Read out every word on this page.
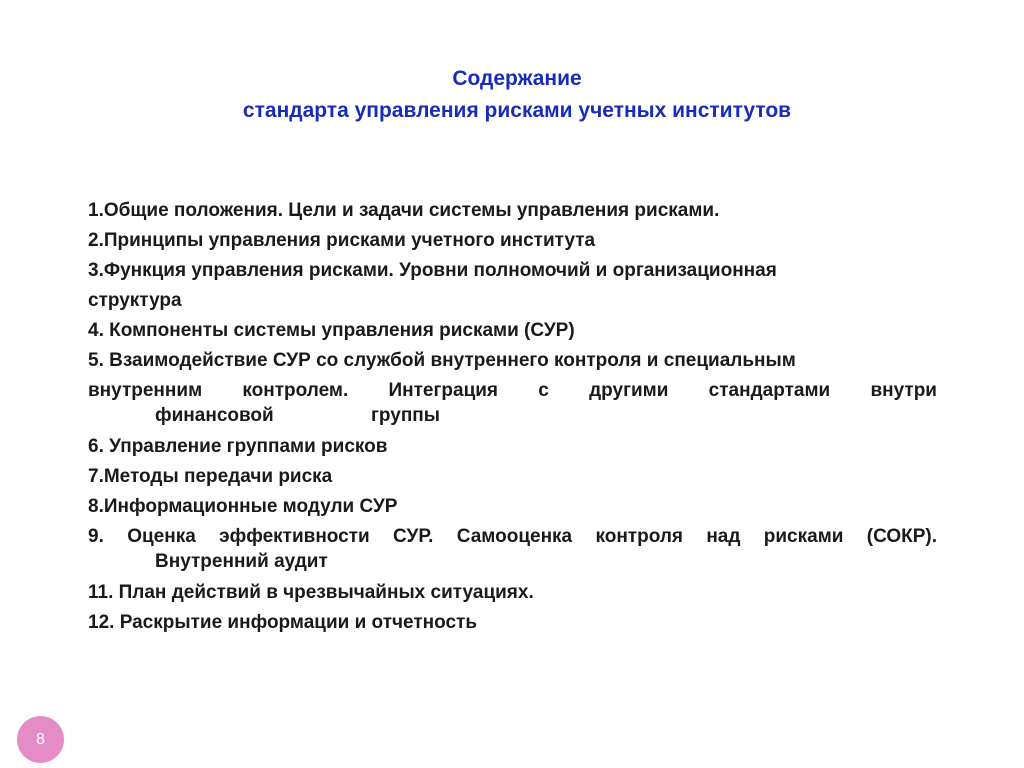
Содержание
стандарта управления рисками учетных институтов
1.Общие положения. Цели и задачи системы управления рисками.
2.Принципы управления рисками учетного института
3.Функция управления рисками. Уровни полномочий и организационная
структура
4. Компоненты системы управления рисками (СУР)
5. Взаимодействие СУР со службой внутреннего контроля и специальным
внутренним контролем. Интеграция с другими стандартами внутри
финансовой	группы
6. Управление группами рисков
7.Методы передачи риска
8.Информационные модули СУР
9. Оценка эффективности СУР. Самооценка контроля над рисками (СОКР).
Внутренний аудит
11. План действий в чрезвычайных ситуациях.
12. Раскрытие информации и отчетность
8
